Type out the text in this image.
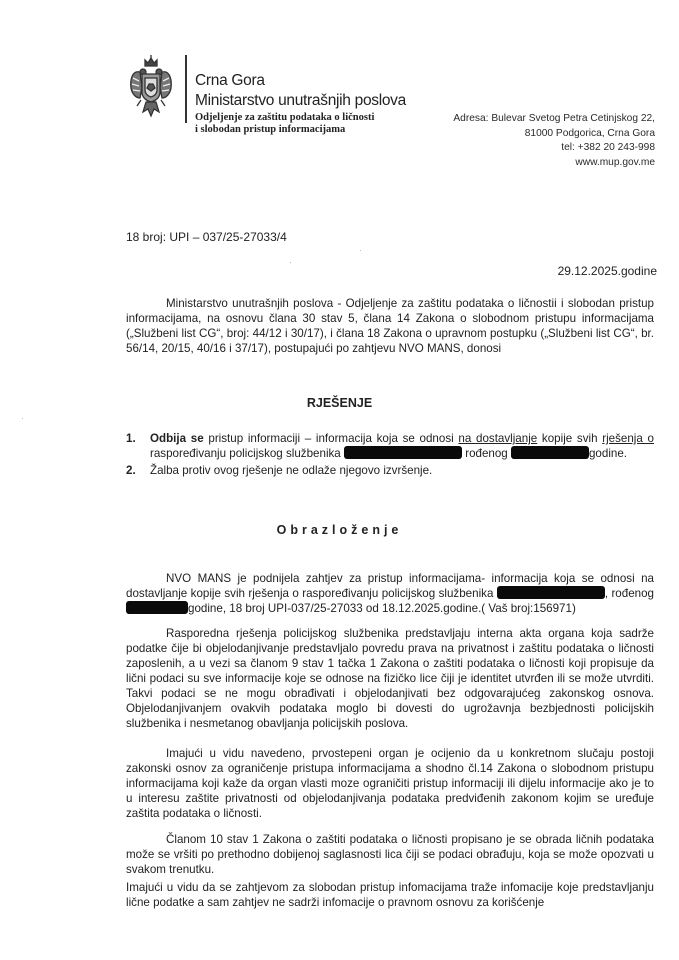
Crna Gora
Ministarstvo unutrašnjih poslova
Odjeljenje za zaštitu podataka o ličnosti
i slobodan pristup informacijama
Adresa: Bulevar Svetog Petra Cetinjskog 22,
81000 Podgorica, Crna Gora
tel: +382 20 243-998
www.mup.gov.me
18 broj: UPI – 037/25-27033/4
29.12.2025.godine
Ministarstvo unutrašnjih poslova - Odjeljenje za zaštitu podataka o ličnostii i slobodan pristup informacijama, na osnovu člana 30 stav 5, člana 14 Zakona o slobodnom pristupu informacijama („Službeni list CG“, broj: 44/12 i 30/17), i člana 18 Zakona o upravnom postupku („Službeni list CG“, br. 56/14, 20/15, 40/16 i 37/17), postupajući po zahtjevu NVO MANS, donosi
RJEŠENJE
1. Odbija se pristup informaciji – informacija koja se odnosi na dostavljanje kopije svih rješenja o raspoređivanju policijskog službenika	rođenog	godine.
2. Žalba protiv ovog rješenje ne odlaže njegovo izvršenje.
Obrazloženje
NVO MANS je podnijela zahtjev za pristup informacijama- informacija koja se odnosi na dostavljanje kopije svih rješenja o raspoređivanju policijskog službenika	, rođenog godine, 18 broj UPI-037/25-27033 od 18.12.2025.godine.( Vaš broj:156971)
Rasporedna rješenja policijskog službenika predstavljaju interna akta organa koja sadrže podatke čije bi objelodanjivanje predstavljalo povredu prava na privatnost i zaštitu podataka o ličnosti zaposlenih, a u vezi sa članom 9 stav 1 tačka 1 Zakona o zaštiti podataka o ličnosti koji propisuje da lični podaci su sve informacije koje se odnose na fizičko lice čiji je identitet utvrđen ili se može utvrditi. Takvi podaci se ne mogu obrađivati i objelodanjivati bez odgovarajućeg zakonskog osnova. Objelodanjivanjem ovakvih podataka moglo bi dovesti do ugrožavnja bezbjednosti policijskih službenika i nesmetanog obavljanja policijskih poslova.
Imajući u vidu navedeno, prvostepeni organ je ocijenio da u konkretnom slučaju postoji zakonski osnov za ograničenje pristupa informacijama a shodno čl.14 Zakona o slobodnom pristupu informacijama koji kaže da organ vlasti moze ograničiti pristup informaciji ili dijelu informacije ako je to u interesu zaštite privatnosti od objelodanjivanja podataka predviđenih zakonom kojim se uređuje zaštita podataka o ličnosti.
Članom 10 stav 1 Zakona o zaštiti podataka o ličnosti propisano je se obrada ličnih podataka može se vršiti po prethodno dobijenoj saglasnosti lica čiji se podaci obrađuju, koja se može opozvati u svakom trenutku.
Imajući u vidu da se zahtjevom za slobodan pristup infomacijama traže infomacije koje predstavljanju lične podatke a sam zahtjev ne sadrži infomacije o pravnom osnovu za korišćenje
